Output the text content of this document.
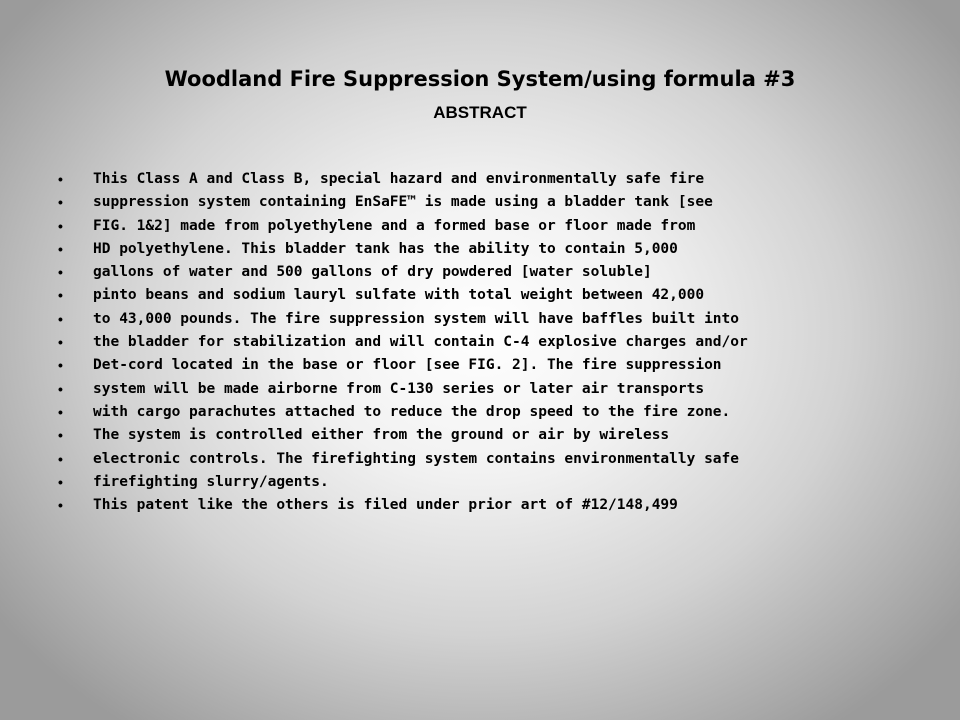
Woodland Fire Suppression System/using formula #3
ABSTRACT
• This Class A and Class B, special hazard and environmentally safe fire
• suppression system containing EnSaFE™ is made using a bladder tank [see
• FIG. 1&2] made from polyethylene and a formed base or floor made from
• HD polyethylene. This bladder tank has the ability to contain 5,000
• gallons of water and 500 gallons of dry powdered [water soluble]
• pinto beans and sodium lauryl sulfate with total weight between 42,000
• to 43,000 pounds. The fire suppression system will have baffles built into
• the bladder for stabilization and will contain C-4 explosive charges and/or
• Det-cord located in the base or floor [see FIG. 2]. The fire suppression
• system will be made airborne from C-130 series or later air transports
• with cargo parachutes attached to reduce the drop speed to the fire zone.
• The system is controlled either from the ground or air by wireless
• electronic controls. The firefighting system contains environmentally safe
• firefighting slurry/agents.
• This patent like the others is filed under prior art of #12/148,499
